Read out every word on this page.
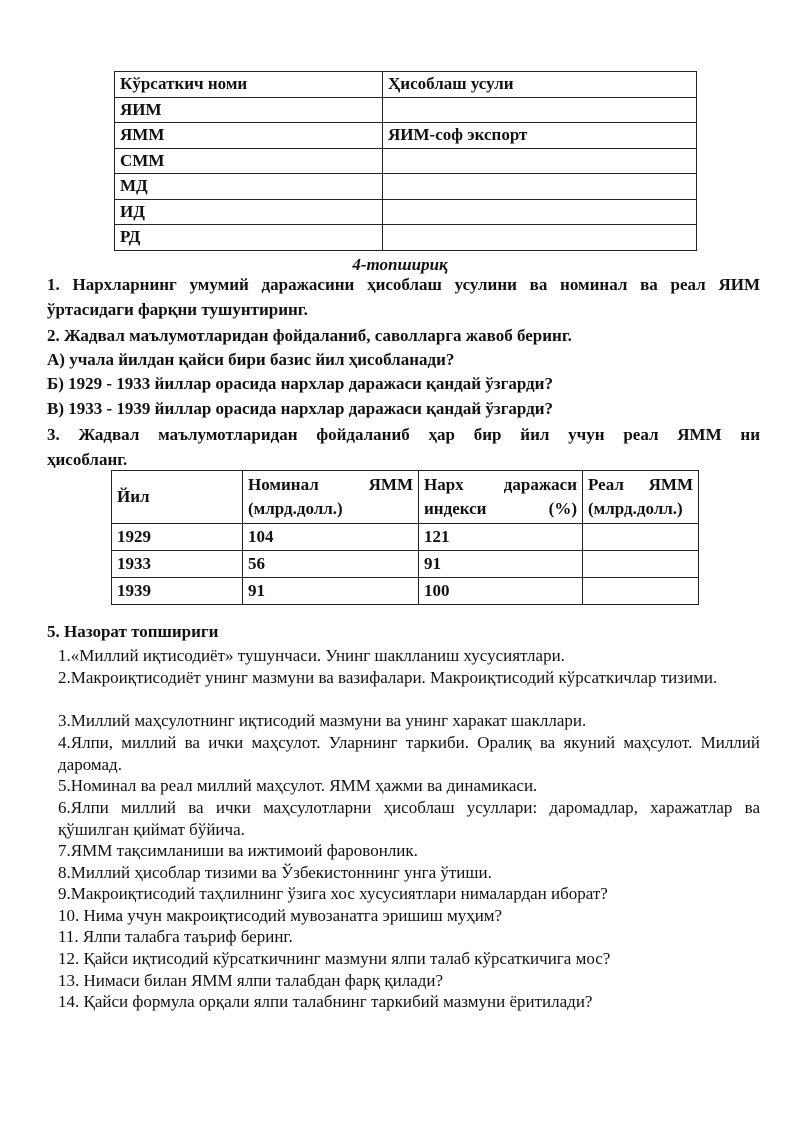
Кўрсаткич номи	Ҳисоблаш усули
ЯИМ	
ЯММ	ЯИМ-соф экспорт
СММ	
МД	
ИД	
РД	
4-топшириқ
1. Нархларнинг умумий даражасини ҳисоблаш усулини ва номинал ва реал ЯИМ
ўртасидаги фарқни тушунтиринг.
2. Жадвал маълумотларидан фойдаланиб, саволларга жавоб беринг.
А) учала йилдан қайси бири базис йил ҳисобланади?
Б) 1929 - 1933 йиллар орасида нархлар даражаси қандай ўзгарди?
В) 1933 - 1939 йиллар орасида нархлар даражаси қандай ўзгарди?
3. Жадвал маълумотларидан фойдаланиб ҳар бир йил учун реал ЯММ ни
ҳисобланг.
Йил	Номинал ЯММ (млрд.долл.)	Нарх даражаси индекси (%)	Реал ЯММ (млрд.долл.)
1929	104	121	
1933	56	91	
1939	91	100	
5. Назорат топшириги
1.«Миллий иқтисодиёт» тушунчаси. Унинг шаклланиш хусусиятлари.
2.Макроиқтисодиёт унинг мазмуни ва вазифалари. Макроиқтисодий кўрсаткичлар тизими.
3.Миллий маҳсулотнинг иқтисодий мазмуни ва унинг харакат шакллари.
4.Ялпи, миллий ва ички маҳсулот. Уларнинг таркиби. Оралиқ ва якуний маҳсулот. Миллий даромад.
5.Номинал ва реал миллий маҳсулот. ЯММ ҳажми ва динамикаси.
6.Ялпи миллий ва ички маҳсулотларни ҳисоблаш усуллари: даромадлар, харажатлар ва қўшилган қиймат бўйича.
7.ЯММ тақсимланиши ва ижтимоий фаровонлик.
8.Миллий ҳисоблар тизими ва Ўзбекистоннинг унга ўтиши.
9.Макроиқтисодий таҳлилнинг ўзига хос хусусиятлари нималардан иборат?
10. Нима учун макроиқтисодий мувозанатга эришиш муҳим?
11. Ялпи талабга таъриф беринг.
12. Қайси иқтисодий кўрсаткичнинг мазмуни ялпи талаб кўрсаткичига мос?
13. Нимаси билан ЯММ ялпи талабдан фарқ қилади?
14. Қайси формула орқали ялпи талабнинг таркибий мазмуни ёритилади?
